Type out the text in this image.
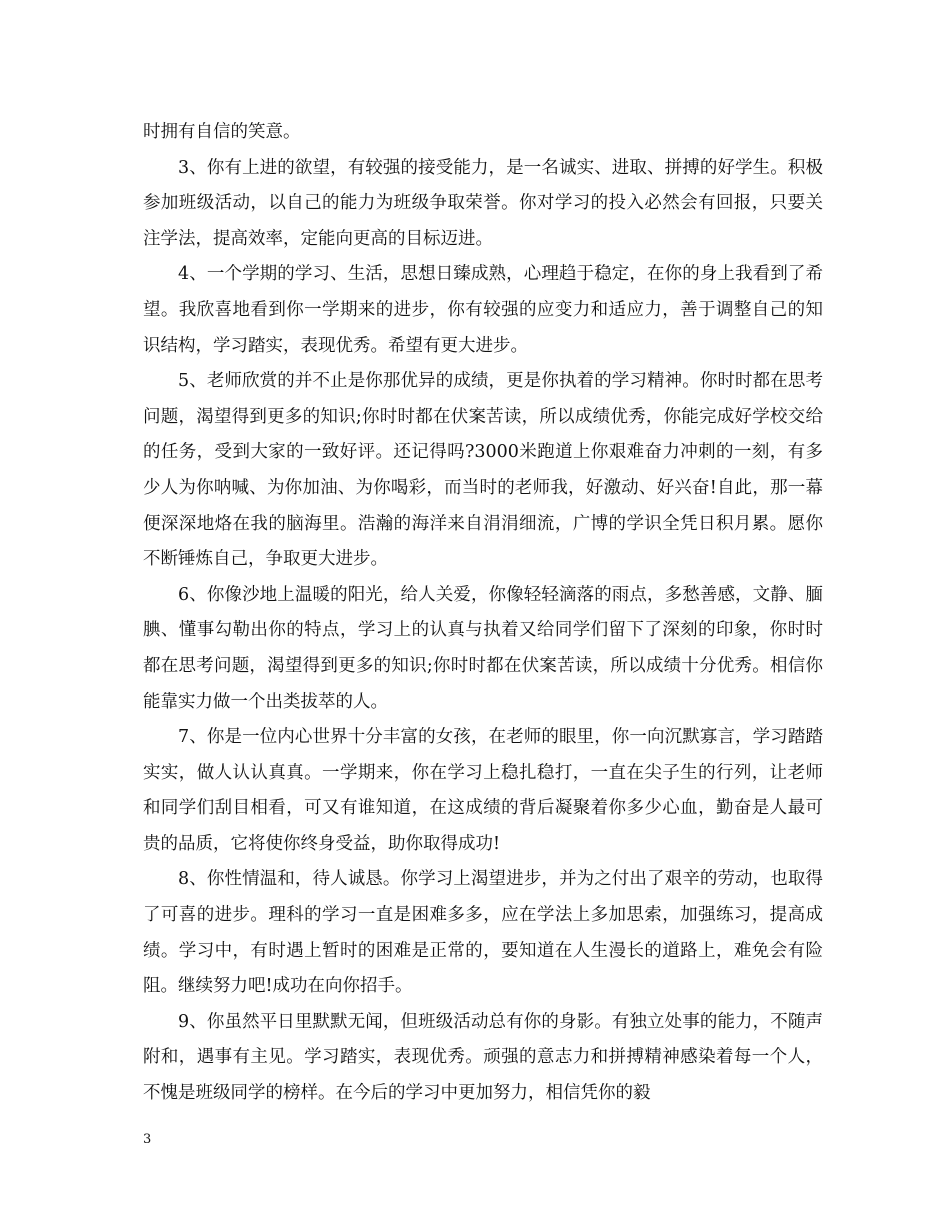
时拥有自信的笑意。

3、你有上进的欲望，有较强的接受能力，是一名诚实、进取、拼搏的好学生。积极参加班级活动，以自己的能力为班级争取荣誉。你对学习的投入必然会有回报，只要关注学法，提高效率，定能向更高的目标迈进。

4、一个学期的学习、生活，思想日臻成熟，心理趋于稳定，在你的身上我看到了希望。我欣喜地看到你一学期来的进步，你有较强的应变力和适应力，善于调整自己的知识结构，学习踏实，表现优秀。希望有更大进步。

5、老师欣赏的并不止是你那优异的成绩，更是你执着的学习精神。你时时都在思考问题，渴望得到更多的知识;你时时都在伏案苦读，所以成绩优秀，你能完成好学校交给的任务，受到大家的一致好评。还记得吗?3000米跑道上你艰难奋力冲刺的一刻，有多少人为你呐喊、为你加油、为你喝彩，而当时的老师我，好激动、好兴奋!自此，那一幕便深深地烙在我的脑海里。浩瀚的海洋来自涓涓细流，广博的学识全凭日积月累。愿你不断锤炼自己，争取更大进步。

6、你像沙地上温暖的阳光，给人关爱，你像轻轻滴落的雨点，多愁善感，文静、腼腆、懂事勾勒出你的特点，学习上的认真与执着又给同学们留下了深刻的印象，你时时都在思考问题，渴望得到更多的知识;你时时都在伏案苦读，所以成绩十分优秀。相信你能靠实力做一个出类拔萃的人。

7、你是一位内心世界十分丰富的女孩，在老师的眼里，你一向沉默寡言，学习踏踏实实，做人认认真真。一学期来，你在学习上稳扎稳打，一直在尖子生的行列，让老师和同学们刮目相看，可又有谁知道，在这成绩的背后凝聚着你多少心血，勤奋是人最可贵的品质，它将使你终身受益，助你取得成功!

8、你性情温和，待人诚恳。你学习上渴望进步，并为之付出了艰辛的劳动，也取得了可喜的进步。理科的学习一直是困难多多，应在学法上多加思索，加强练习，提高成绩。学习中，有时遇上暂时的困难是正常的，要知道在人生漫长的道路上，难免会有险阻。继续努力吧!成功在向你招手。

9、你虽然平日里默默无闻，但班级活动总有你的身影。有独立处事的能力，不随声附和，遇事有主见。学习踏实，表现优秀。顽强的意志力和拼搏精神感染着每一个人，不愧是班级同学的榜样。在今后的学习中更加努力，相信凭你的毅

3
